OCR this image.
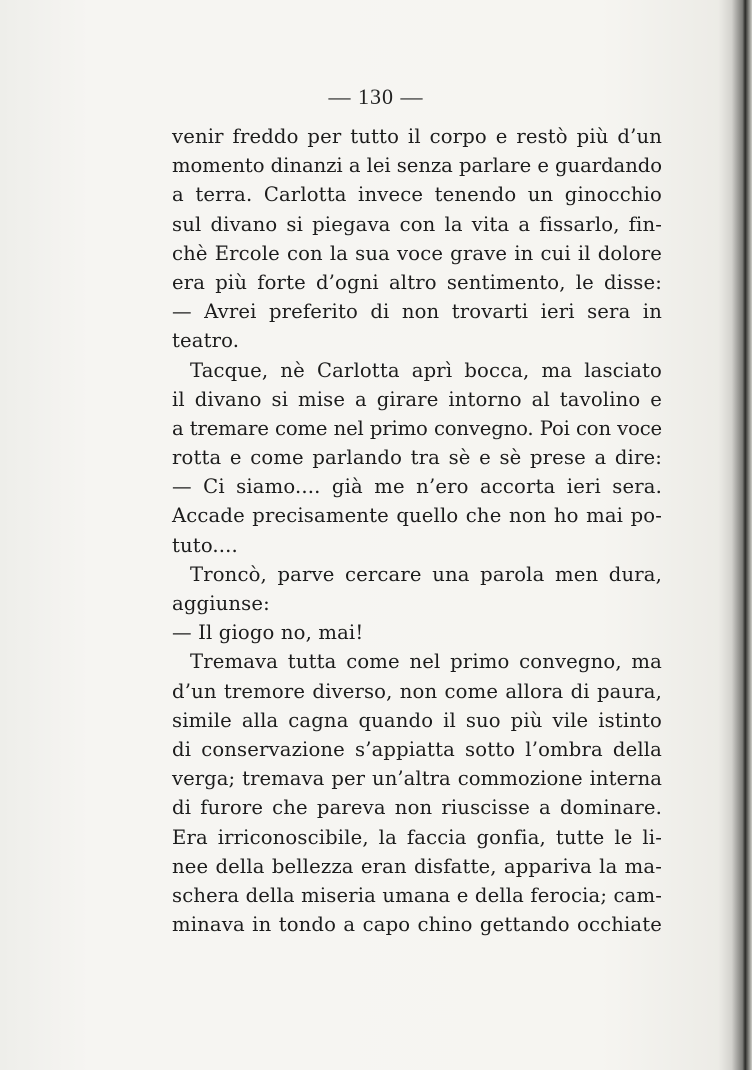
— 130 —
venir freddo per tutto il corpo e restò più d’un
momento dinanzi a lei senza parlare e guardando
a terra. Carlotta invece tenendo un ginocchio
sul divano si piegava con la vita a fissarlo, fin-
chè Ercole con la sua voce grave in cui il dolore
era più forte d’ogni altro sentimento, le disse:
— Avrei preferito di non trovarti ieri sera in
teatro.
Tacque, nè Carlotta aprì bocca, ma lasciato
il divano si mise a girare intorno al tavolino e
a tremare come nel primo convegno. Poi con voce
rotta e come parlando tra sè e sè prese a dire:
— Ci siamo.... già me n’ero accorta ieri sera.
Accade precisamente quello che non ho mai po-
tuto....
Troncò, parve cercare una parola men dura,
aggiunse:
— Il giogo no, mai!
Tremava tutta come nel primo convegno, ma
d’un tremore diverso, non come allora di paura,
simile alla cagna quando il suo più vile istinto
di conservazione s’appiatta sotto l’ombra della
verga; tremava per un’altra commozione interna
di furore che pareva non riuscisse a dominare.
Era irriconoscibile, la faccia gonfia, tutte le li-
nee della bellezza eran disfatte, appariva la ma-
schera della miseria umana e della ferocia; cam-
minava in tondo a capo chino gettando occhiate
